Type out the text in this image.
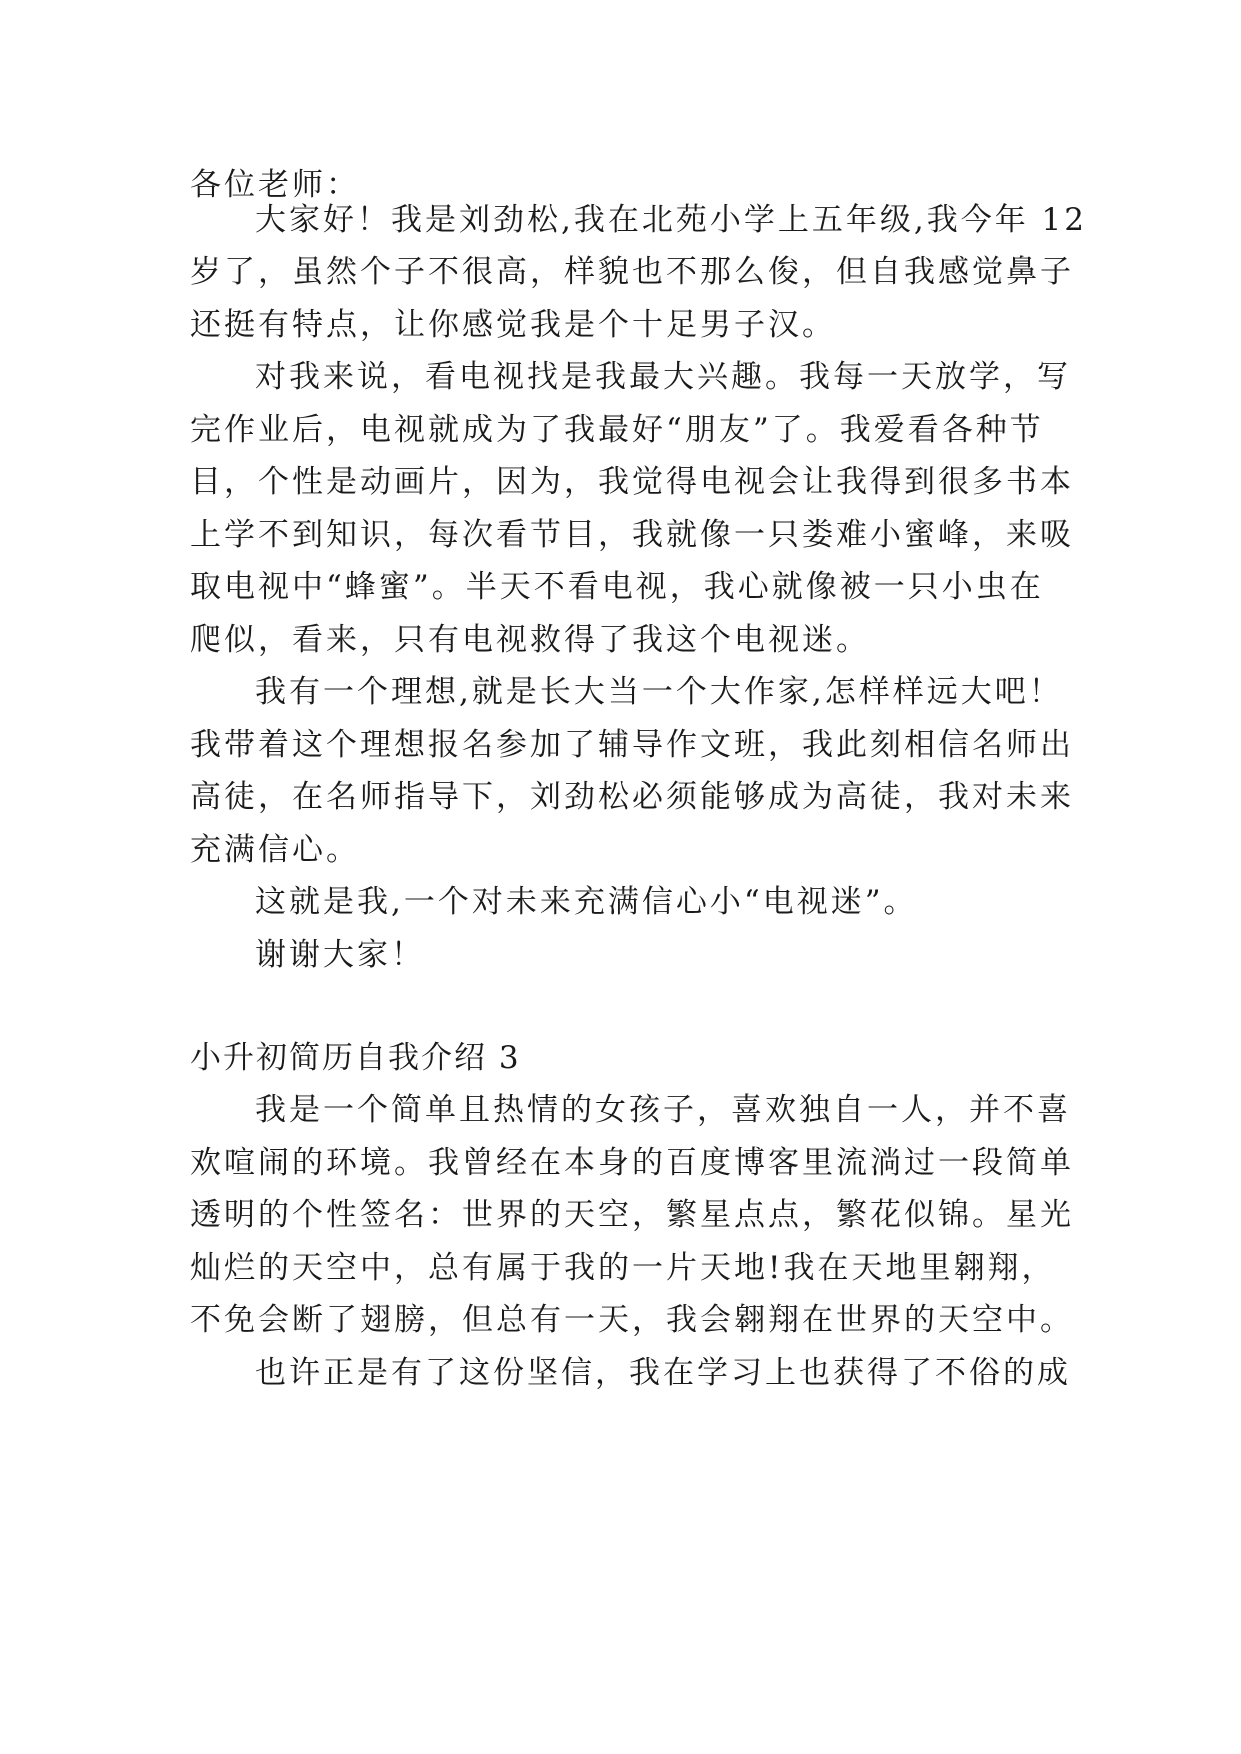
各位老师：
大家好！我是刘劲松,我在北苑小学上五年级,我今年 12
岁了，虽然个子不很高，样貌也不那么俊，但自我感觉鼻子
还挺有特点，让你感觉我是个十足男子汉。
对我来说，看电视找是我最大兴趣。我每一天放学，写
完作业后，电视就成为了我最好“朋友”了。我爱看各种节
目，个性是动画片，因为，我觉得电视会让我得到很多书本
上学不到知识，每次看节目，我就像一只娄难小蜜峰，来吸
取电视中“蜂蜜”。半天不看电视，我心就像被一只小虫在
爬似，看来，只有电视救得了我这个电视迷。
我有一个理想,就是长大当一个大作家,怎样样远大吧！
我带着这个理想报名参加了辅导作文班，我此刻相信名师出
高徒，在名师指导下，刘劲松必须能够成为高徒，我对未来
充满信心。
这就是我,一个对未来充满信心小“电视迷”。
谢谢大家！
小升初简历自我介绍 3
我是一个简单且热情的女孩子，喜欢独自一人，并不喜
欢喧闹的环境。我曾经在本身的百度博客里流淌过一段简单
透明的个性签名：世界的天空，繁星点点，繁花似锦。星光
灿烂的天空中，总有属于我的一片天地!我在天地里翱翔，
不免会断了翅膀，但总有一天，我会翱翔在世界的天空中。
也许正是有了这份坚信，我在学习上也获得了不俗的成
